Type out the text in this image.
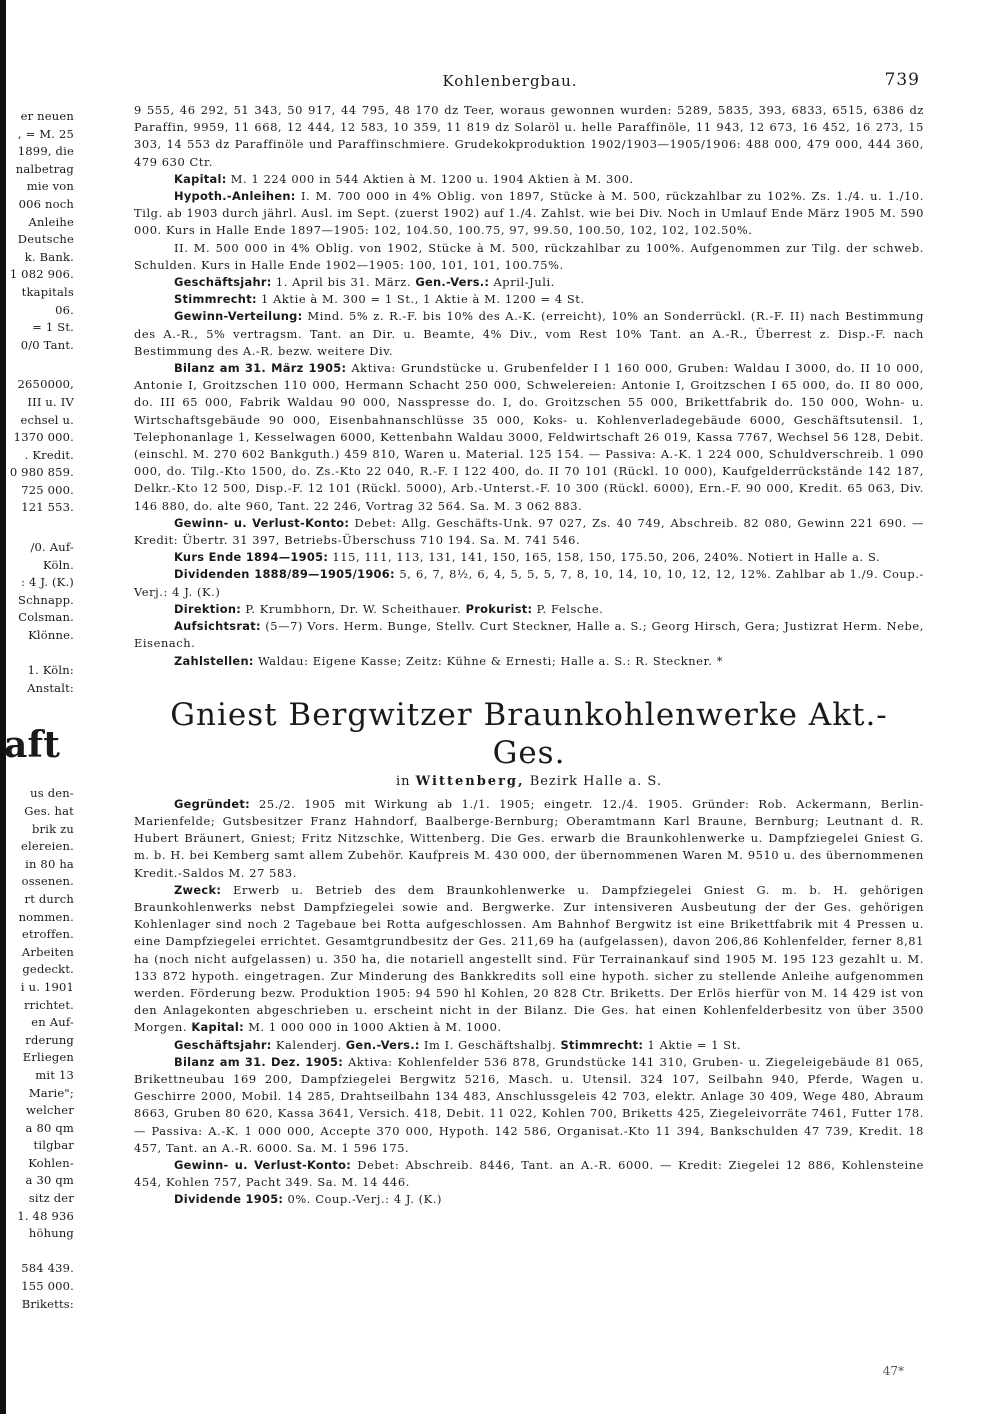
Kohlenbergbau.	739
er neuen
, = M. 25
1899, die
nalbetrag
mie von
006 noch
Anleihe
Deutsche
k. Bank.
1 082 906.
tkapitals
06.
= 1 St.
0/0 Tant.
2650000,
III u. IV
echsel u.
1370 000.
. Kredit.
0 980 859.
725 000.
121 553.
/0. Auf-
Köln.
: 4 J. (K.)
Schnapp.
Colsman.
Klönne.

1. Köln:
Anstalt:
aft
us den-
Ges. hat
brik zu
elereien.
in 80 ha
ossenen.
rt durch
nommen.
etroffen.
Arbeiten
gedeckt.
i u. 1901
rrichtet.
en Auf-
rderung
Erliegen
mit 13
Marie";
welcher
a 80 qm
tilgbar
Kohlen-
a 30 qm
sitz der
1. 48 936
höhung

584 439.
155 000.
Briketts:

9 555, 46 292, 51 343, 50 917, 44 795, 48 170 dz Teer, woraus gewonnen wurden: 5289, 5835, 393, 6833, 6515, 6386 dz Paraffin, 9959, 11 668, 12 444, 12 583, 10 359, 11 819 dz Solaröl u. helle Paraffinöle, 11 943, 12 673, 16 452, 16 273, 15 303, 14 553 dz Paraffinöle und Paraffinschmiere. Grudekokproduktion 1902/1903—1905/1906: 488 000, 479 000, 444 360, 479 630 Ctr.

Kapital: M. 1 224 000 in 544 Aktien à M. 1200 u. 1904 Aktien à M. 300.

Hypoth.-Anleihen: I. M. 700 000 in 4% Oblig. von 1897, Stücke à M. 500, rückzahlbar zu 102%. Zs. 1./4. u. 1./10. Tilg. ab 1903 durch jährl. Ausl. im Sept. (zuerst 1902) auf 1./4. Zahlst. wie bei Div. Noch in Umlauf Ende März 1905 M. 590 000. Kurs in Halle Ende 1897—1905: 102, 104.50, 100.75, 97, 99.50, 100.50, 102, 102, 102.50%.

II. M. 500 000 in 4% Oblig. von 1902, Stücke à M. 500, rückzahlbar zu 100%. Aufgenommen zur Tilg. der schweb. Schulden. Kurs in Halle Ende 1902—1905: 100, 101, 101, 100.75%.

Geschäftsjahr: 1. April bis 31. März. Gen.-Vers.: April-Juli.

Stimmrecht: 1 Aktie à M. 300 = 1 St., 1 Aktie à M. 1200 = 4 St.

Gewinn-Verteilung: Mind. 5% z. R.-F. bis 10% des A.-K. (erreicht), 10% an Sonderrückl. (R.-F. II) nach Bestimmung des A.-R., 5% vertragsm. Tant. an Dir. u. Beamte, 4% Div., vom Rest 10% Tant. an A.-R., Überrest z. Disp.-F. nach Bestimmung des A.-R. bezw. weitere Div.

Bilanz am 31. März 1905: Aktiva: Grundstücke u. Grubenfelder I 1 160 000, Gruben: Waldau I 3000, do. II 10 000, Antonie I, Groitzschen 110 000, Hermann Schacht 250 000, Schwelereien: Antonie I, Groitzschen I 65 000, do. II 80 000, do. III 65 000, Fabrik Waldau 90 000, Nasspresse do. I, do. Groitzschen 55 000, Brikettfabrik do. 150 000, Wohn- u. Wirtschaftsgebäude 90 000, Eisenbahnanschlüsse 35 000, Koks- u. Kohlenverladegebäude 6000, Geschäftsutensil. 1, Telephonanlage 1, Kesselwagen 6000, Kettenbahn Waldau 3000, Feldwirtschaft 26 019, Kassa 7767, Wechsel 56 128, Debit. (einschl. M. 270 602 Bankguth.) 459 810, Waren u. Material. 125 154. — Passiva: A.-K. 1 224 000, Schuldverschreib. 1 090 000, do. Tilg.-Kto 1500, do. Zs.-Kto 22 040, R.-F. I 122 400, do. II 70 101 (Rückl. 10 000), Kaufgelderrückstände 142 187, Delkr.-Kto 12 500, Disp.-F. 12 101 (Rückl. 5000), Arb.-Unterst.-F. 10 300 (Rückl. 6000), Ern.-F. 90 000, Kredit. 65 063, Div. 146 880, do. alte 960, Tant. 22 246, Vortrag 32 564. Sa. M. 3 062 883.

Gewinn- u. Verlust-Konto: Debet: Allg. Geschäfts-Unk. 97 027, Zs. 40 749, Abschreib. 82 080, Gewinn 221 690. — Kredit: Übertr. 31 397, Betriebs-Überschuss 710 194. Sa. M. 741 546.

Kurs Ende 1894—1905: 115, 111, 113, 131, 141, 150, 165, 158, 150, 175.50, 206, 240%. Notiert in Halle a. S.

Dividenden 1888/89—1905/1906: 5, 6, 7, 8½, 6, 4, 5, 5, 5, 7, 8, 10, 14, 10, 10, 12, 12, 12%. Zahlbar ab 1./9. Coup.-Verj.: 4 J. (K.)

Direktion: P. Krumbhorn, Dr. W. Scheithauer. Prokurist: P. Felsche.

Aufsichtsrat: (5—7) Vors. Herm. Bunge, Stellv. Curt Steckner, Halle a. S.; Georg Hirsch, Gera; Justizrat Herm. Nebe, Eisenach.

Zahlstellen: Waldau: Eigene Kasse; Zeitz: Kühne & Ernesti; Halle a. S.: R. Steckner. *

Gniest Bergwitzer Braunkohlenwerke Akt.-Ges.
in Wittenberg, Bezirk Halle a. S.

Gegründet: 25./2. 1905 mit Wirkung ab 1./1. 1905; eingetr. 12./4. 1905. Gründer: Rob. Ackermann, Berlin-Marienfelde; Gutsbesitzer Franz Hahndorf, Baalberge-Bernburg; Oberamtmann Karl Braune, Bernburg; Leutnant d. R. Hubert Bräunert, Gniest; Fritz Nitzschke, Wittenberg. Die Ges. erwarb die Braunkohlenwerke u. Dampfziegelei Gniest G. m. b. H. bei Kemberg samt allem Zubehör. Kaufpreis M. 430 000, der übernommenen Waren M. 9510 u. des übernommenen Kredit.-Saldos M. 27 583.

Zweck: Erwerb u. Betrieb des dem Braunkohlenwerke u. Dampfziegelei Gniest G. m. b. H. gehörigen Braunkohlenwerks nebst Dampfziegelei sowie and. Bergwerke. Zur intensiveren Ausbeutung der der Ges. gehörigen Kohlenlager sind noch 2 Tagebaue bei Rotta aufgeschlossen. Am Bahnhof Bergwitz ist eine Brikettfabrik mit 4 Pressen u. eine Dampfziegelei errichtet. Gesamtgrundbesitz der Ges. 211,69 ha (aufgelassen), davon 206,86 Kohlenfelder, ferner 8,81 ha (noch nicht aufgelassen) u. 350 ha, die notariell angestellt sind. Für Terrainankauf sind 1905 M. 195 123 gezahlt u. M. 133 872 hypoth. eingetragen. Zur Minderung des Bankkredits soll eine hypoth. sicher zu stellende Anleihe aufgenommen werden. Förderung bezw. Produktion 1905: 94 590 hl Kohlen, 20 828 Ctr. Briketts. Der Erlös hierfür von M. 14 429 ist von den Anlagekonten abgeschrieben u. erscheint nicht in der Bilanz. Die Ges. hat einen Kohlenfelderbesitz von über 3500 Morgen. Kapital: M. 1 000 000 in 1000 Aktien à M. 1000.

Geschäftsjahr: Kalenderj. Gen.-Vers.: Im I. Geschäftshalbj. Stimmrecht: 1 Aktie = 1 St.

Bilanz am 31. Dez. 1905: Aktiva: Kohlenfelder 536 878, Grundstücke 141 310, Gruben- u. Ziegeleigebäude 81 065, Brikettneubau 169 200, Dampfziegelei Bergwitz 5216, Masch. u. Utensil. 324 107, Seilbahn 940, Pferde, Wagen u. Geschirre 2000, Mobil. 14 285, Drahtseilbahn 134 483, Anschlussgeleis 42 703, elektr. Anlage 30 409, Wege 480, Abraum 8663, Gruben 80 620, Kassa 3641, Versich. 418, Debit. 11 022, Kohlen 700, Briketts 425, Ziegeleivorräte 7461, Futter 178. — Passiva: A.-K. 1 000 000, Accepte 370 000, Hypoth. 142 586, Organisat.-Kto 11 394, Bankschulden 47 739, Kredit. 18 457, Tant. an A.-R. 6000. Sa. M. 1 596 175.

Gewinn- u. Verlust-Konto: Debet: Abschreib. 8446, Tant. an A.-R. 6000. — Kredit: Ziegelei 12 886, Kohlensteine 454, Kohlen 757, Pacht 349. Sa. M. 14 446.

Dividende 1905: 0%. Coup.-Verj.: 4 J. (K.)

47*
